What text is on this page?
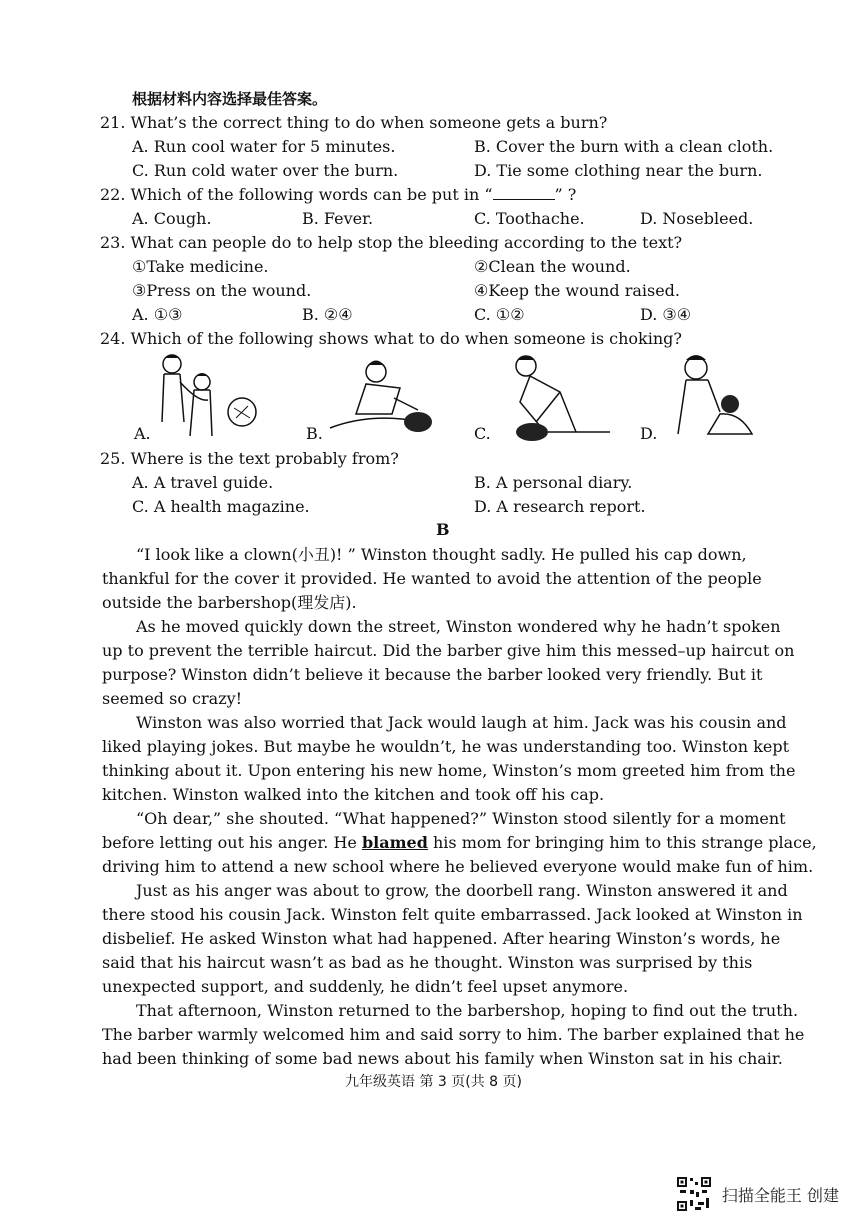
根据材料内容选择最佳答案。
21. What’s the correct thing to do when someone gets a burn?
A. Run cool water for 5 minutes.	B. Cover the burn with a clean cloth.
C. Run cold water over the burn.	D. Tie some clothing near the burn.
22. Which of the following words can be put in “	” ?
A. Cough.	B. Fever.	C. Toothache.	D. Nosebleed.
23. What can people do to help stop the bleeding according to the text?
①Take medicine.	②Clean the wound.
③Press on the wound.	④Keep the wound raised.
A. ①③	B. ②④	C. ①②	D. ③④
24. Which of the following shows what to do when someone is choking?
A.	B.	C.	D.
25. Where is the text probably from?
A. A travel guide.	B. A personal diary.
C. A health magazine.	D. A research report.
B
“I look like a clown(小丑)! ” Winston thought sadly. He pulled his cap down,
thankful for the cover it provided. He wanted to avoid the attention of the people
outside the barbershop(理发店).
As he moved quickly down the street, Winston wondered why he hadn’t spoken
up to prevent the terrible haircut. Did the barber give him this messed–up haircut on
purpose? Winston didn’t believe it because the barber looked very friendly. But it
seemed so crazy!
Winston was also worried that Jack would laugh at him. Jack was his cousin and
liked playing jokes. But maybe he wouldn’t, he was understanding too. Winston kept
thinking about it. Upon entering his new home, Winston’s mom greeted him from the
kitchen. Winston walked into the kitchen and took off his cap.
“Oh dear,” she shouted. “What happened?” Winston stood silently for a moment
before letting out his anger. He blamed his mom for bringing him to this strange place,
driving him to attend a new school where he believed everyone would make fun of him.
Just as his anger was about to grow, the doorbell rang. Winston answered it and
there stood his cousin Jack. Winston felt quite embarrassed. Jack looked at Winston in
disbelief. He asked Winston what had happened. After hearing Winston’s words, he
said that his haircut wasn’t as bad as he thought. Winston was surprised by this
unexpected support, and suddenly, he didn’t feel upset anymore.
That afternoon, Winston returned to the barbershop, hoping to find out the truth.
The barber warmly welcomed him and said sorry to him. The barber explained that he
had been thinking of some bad news about his family when Winston sat in his chair.
九年级英语 第 3 页(共 8 页)
扫描全能王 创建
